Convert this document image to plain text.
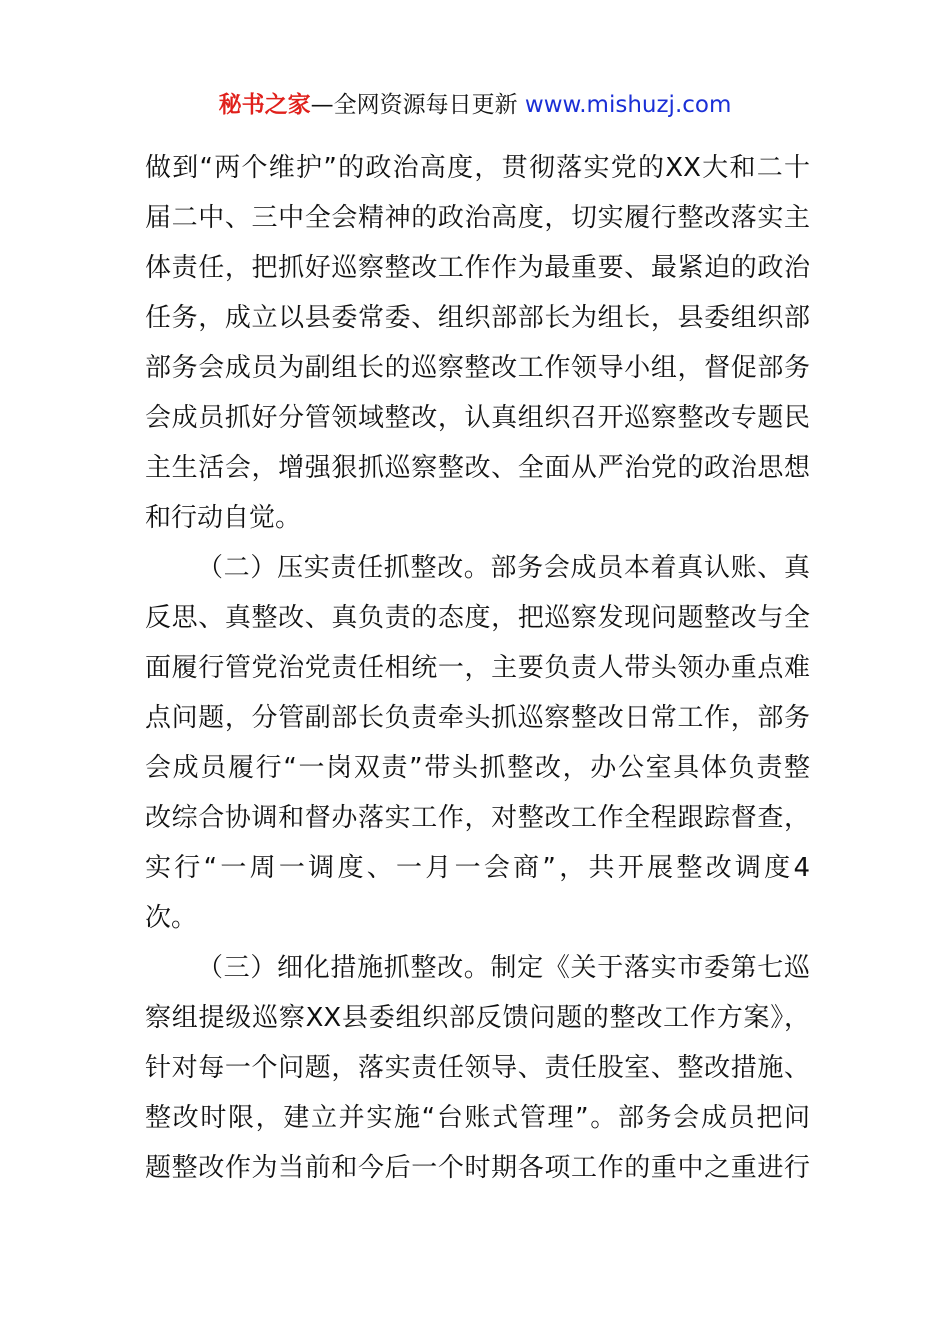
秘书之家—全网资源每日更新 www.mishuzj.com
做到“两个维护”的政治高度，贯彻落实党的XX大和二十
届二中、三中全会精神的政治高度，切实履行整改落实主
体责任，把抓好巡察整改工作作为最重要、最紧迫的政治
任务，成立以县委常委、组织部部长为组长，县委组织部
部务会成员为副组长的巡察整改工作领导小组，督促部务
会成员抓好分管领域整改，认真组织召开巡察整改专题民
主生活会，增强狠抓巡察整改、全面从严治党的政治思想
和行动自觉。
（二）压实责任抓整改。部务会成员本着真认账、真
反思、真整改、真负责的态度，把巡察发现问题整改与全
面履行管党治党责任相统一，主要负责人带头领办重点难
点问题，分管副部长负责牵头抓巡察整改日常工作，部务
会成员履行“一岗双责”带头抓整改，办公室具体负责整
改综合协调和督办落实工作，对整改工作全程跟踪督查，
实行“一周一调度、一月一会商”，共开展整改调度4
次。
（三）细化措施抓整改。制定《关于落实市委第七巡
察组提级巡察XX县委组织部反馈问题的整改工作方案》，
针对每一个问题，落实责任领导、责任股室、整改措施、
整改时限，建立并实施“台账式管理”。部务会成员把问
题整改作为当前和今后一个时期各项工作的重中之重进行
